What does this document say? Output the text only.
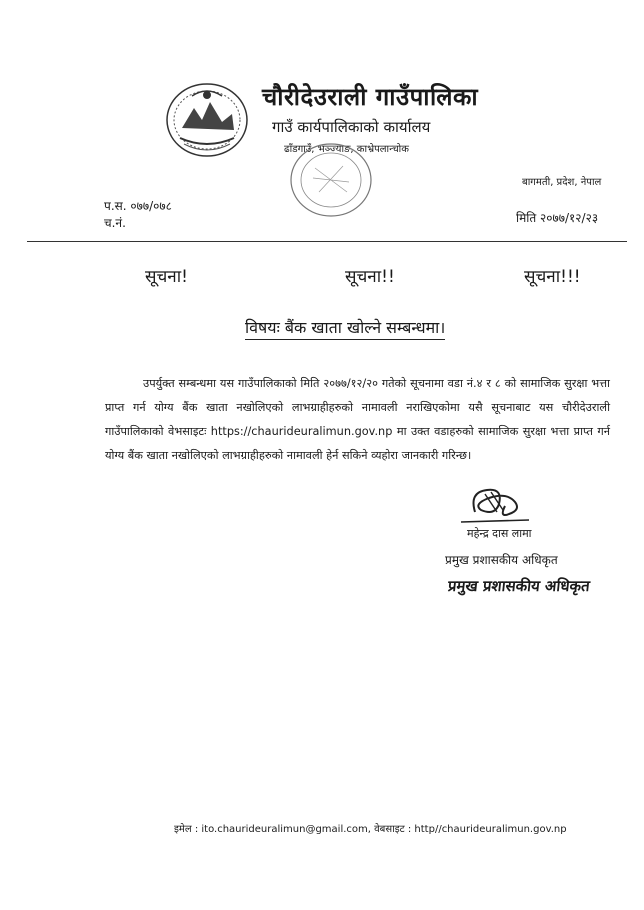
चौरीदेउराली गाउँपालिका
गाउँ कार्यपालिकाको कार्यालय
ढाँडगाउँ, भञ्ज्याङ, काभ्रेपलान्चोक
बागमती, प्रदेश, नेपाल
प.स. ०७७/०७८
च.नं.	मिति २०७७/१२/२३
सूचना!	सूचना!!	सूचना!!!
विषयः बैंक खाता खोल्ने सम्बन्धमा।
उपर्युक्त सम्बन्धमा यस गाउँपालिकाको मिति २०७७/१२/२० गतेको सूचनामा वडा नं.४ र ८ को सामाजिक सुरक्षा भत्ता प्राप्त गर्न योग्य बैंक खाता नखोलिएको लाभग्राहीहरुको नामावली नराखिएकोमा यसै सूचनाबाट यस चौरीदेउराली गाउँपालिकाको वेभसाइटः https://chaurideuralimun.gov.np मा उक्त वडाहरुको सामाजिक सुरक्षा भत्ता प्राप्त गर्न योग्य बैंक खाता नखोलिएको लाभग्राहीहरुको नामावली हेर्न सकिने व्यहोरा जानकारी गरिन्छ।
महेन्द्र दास लामा
प्रमुख प्रशासकीय अधिकृत
प्रमुख प्रशासकीय अधिकृत
इमेल : ito.chaurideuralimun@gmail.com, वेबसाइट : http//chaurideuralimun.gov.np
